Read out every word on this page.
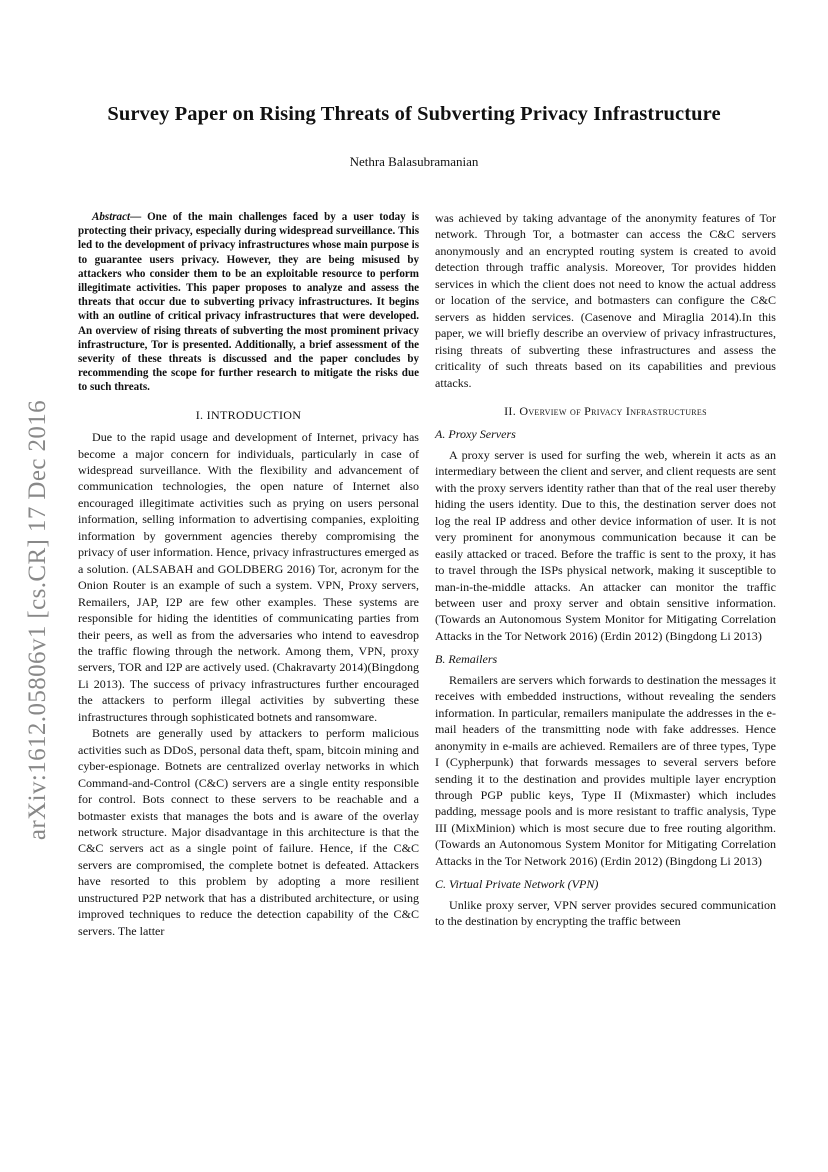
arXiv:1612.05806v1 [cs.CR] 17 Dec 2016
Survey Paper on Rising Threats of Subverting Privacy Infrastructure
Nethra Balasubramanian

Abstract— One of the main challenges faced by a user today is protecting their privacy, especially during widespread surveillance. This led to the development of privacy infrastructures whose main purpose is to guarantee users privacy. However, they are being misused by attackers who consider them to be an exploitable resource to perform illegitimate activities. This paper proposes to analyze and assess the threats that occur due to subverting privacy infrastructures. It begins with an outline of critical privacy infrastructures that were developed. An overview of rising threats of subverting the most prominent privacy infrastructure, Tor is presented. Additionally, a brief assessment of the severity of these threats is discussed and the paper concludes by recommending the scope for further research to mitigate the risks due to such threats.

I. INTRODUCTION

Due to the rapid usage and development of Internet, privacy has become a major concern for individuals, particularly in case of widespread surveillance. With the flexibility and advancement of communication technologies, the open nature of Internet also encouraged illegitimate activities such as prying on users personal information, selling information to advertising companies, exploiting information by government agencies thereby compromising the privacy of user information. Hence, privacy infrastructures emerged as a solution. (ALSABAH and GOLDBERG 2016) Tor, acronym for the Onion Router is an example of such a system. VPN, Proxy servers, Remailers, JAP, I2P are few other examples. These systems are responsible for hiding the identities of communicating parties from their peers, as well as from the adversaries who intend to eavesdrop the traffic flowing through the network. Among them, VPN, proxy servers, TOR and I2P are actively used. (Chakravarty 2014)(Bingdong Li 2013). The success of privacy infrastructures further encouraged the attackers to perform illegal activities by subverting these infrastructures through sophisticated botnets and ransomware.

Botnets are generally used by attackers to perform malicious activities such as DDoS, personal data theft, spam, bitcoin mining and cyber-espionage. Botnets are centralized overlay networks in which Command-and-Control (C&C) servers are a single entity responsible for control. Bots connect to these servers to be reachable and a botmaster exists that manages the bots and is aware of the overlay network structure. Major disadvantage in this architecture is that the C&C servers act as a single point of failure. Hence, if the C&C servers are compromised, the complete botnet is defeated. Attackers have resorted to this problem by adopting a more resilient unstructured P2P network that has a distributed architecture, or using improved techniques to reduce the detection capability of the C&C servers. The latter

was achieved by taking advantage of the anonymity features of Tor network. Through Tor, a botmaster can access the C&C servers anonymously and an encrypted routing system is created to avoid detection through traffic analysis. Moreover, Tor provides hidden services in which the client does not need to know the actual address or location of the service, and botmasters can configure the C&C servers as hidden services. (Casenove and Miraglia 2014).In this paper, we will briefly describe an overview of privacy infrastructures, rising threats of subverting these infrastructures and assess the criticality of such threats based on its capabilities and previous attacks.

II. Overview of Privacy Infrastructures
A. Proxy Servers

A proxy server is used for surfing the web, wherein it acts as an intermediary between the client and server, and client requests are sent with the proxy servers identity rather than that of the real user thereby hiding the users identity. Due to this, the destination server does not log the real IP address and other device information of user. It is not very prominent for anonymous communication because it can be easily attacked or traced. Before the traffic is sent to the proxy, it has to travel through the ISPs physical network, making it susceptible to man-in-the-middle attacks. An attacker can monitor the traffic between user and proxy server and obtain sensitive information. (Towards an Autonomous System Monitor for Mitigating Correlation Attacks in the Tor Network 2016) (Erdin 2012) (Bingdong Li 2013)

B. Remailers

Remailers are servers which forwards to destination the messages it receives with embedded instructions, without revealing the senders information. In particular, remailers manipulate the addresses in the e-mail headers of the transmitting node with fake addresses. Hence anonymity in e-mails are achieved. Remailers are of three types, Type I (Cypherpunk) that forwards messages to several servers before sending it to the destination and provides multiple layer encryption through PGP public keys, Type II (Mixmaster) which includes padding, message pools and is more resistant to traffic analysis, Type III (MixMinion) which is most secure due to free routing algorithm. (Towards an Autonomous System Monitor for Mitigating Correlation Attacks in the Tor Network 2016) (Erdin 2012) (Bingdong Li 2013)

C. Virtual Private Network (VPN)

Unlike proxy server, VPN server provides secured communication to the destination by encrypting the traffic between
